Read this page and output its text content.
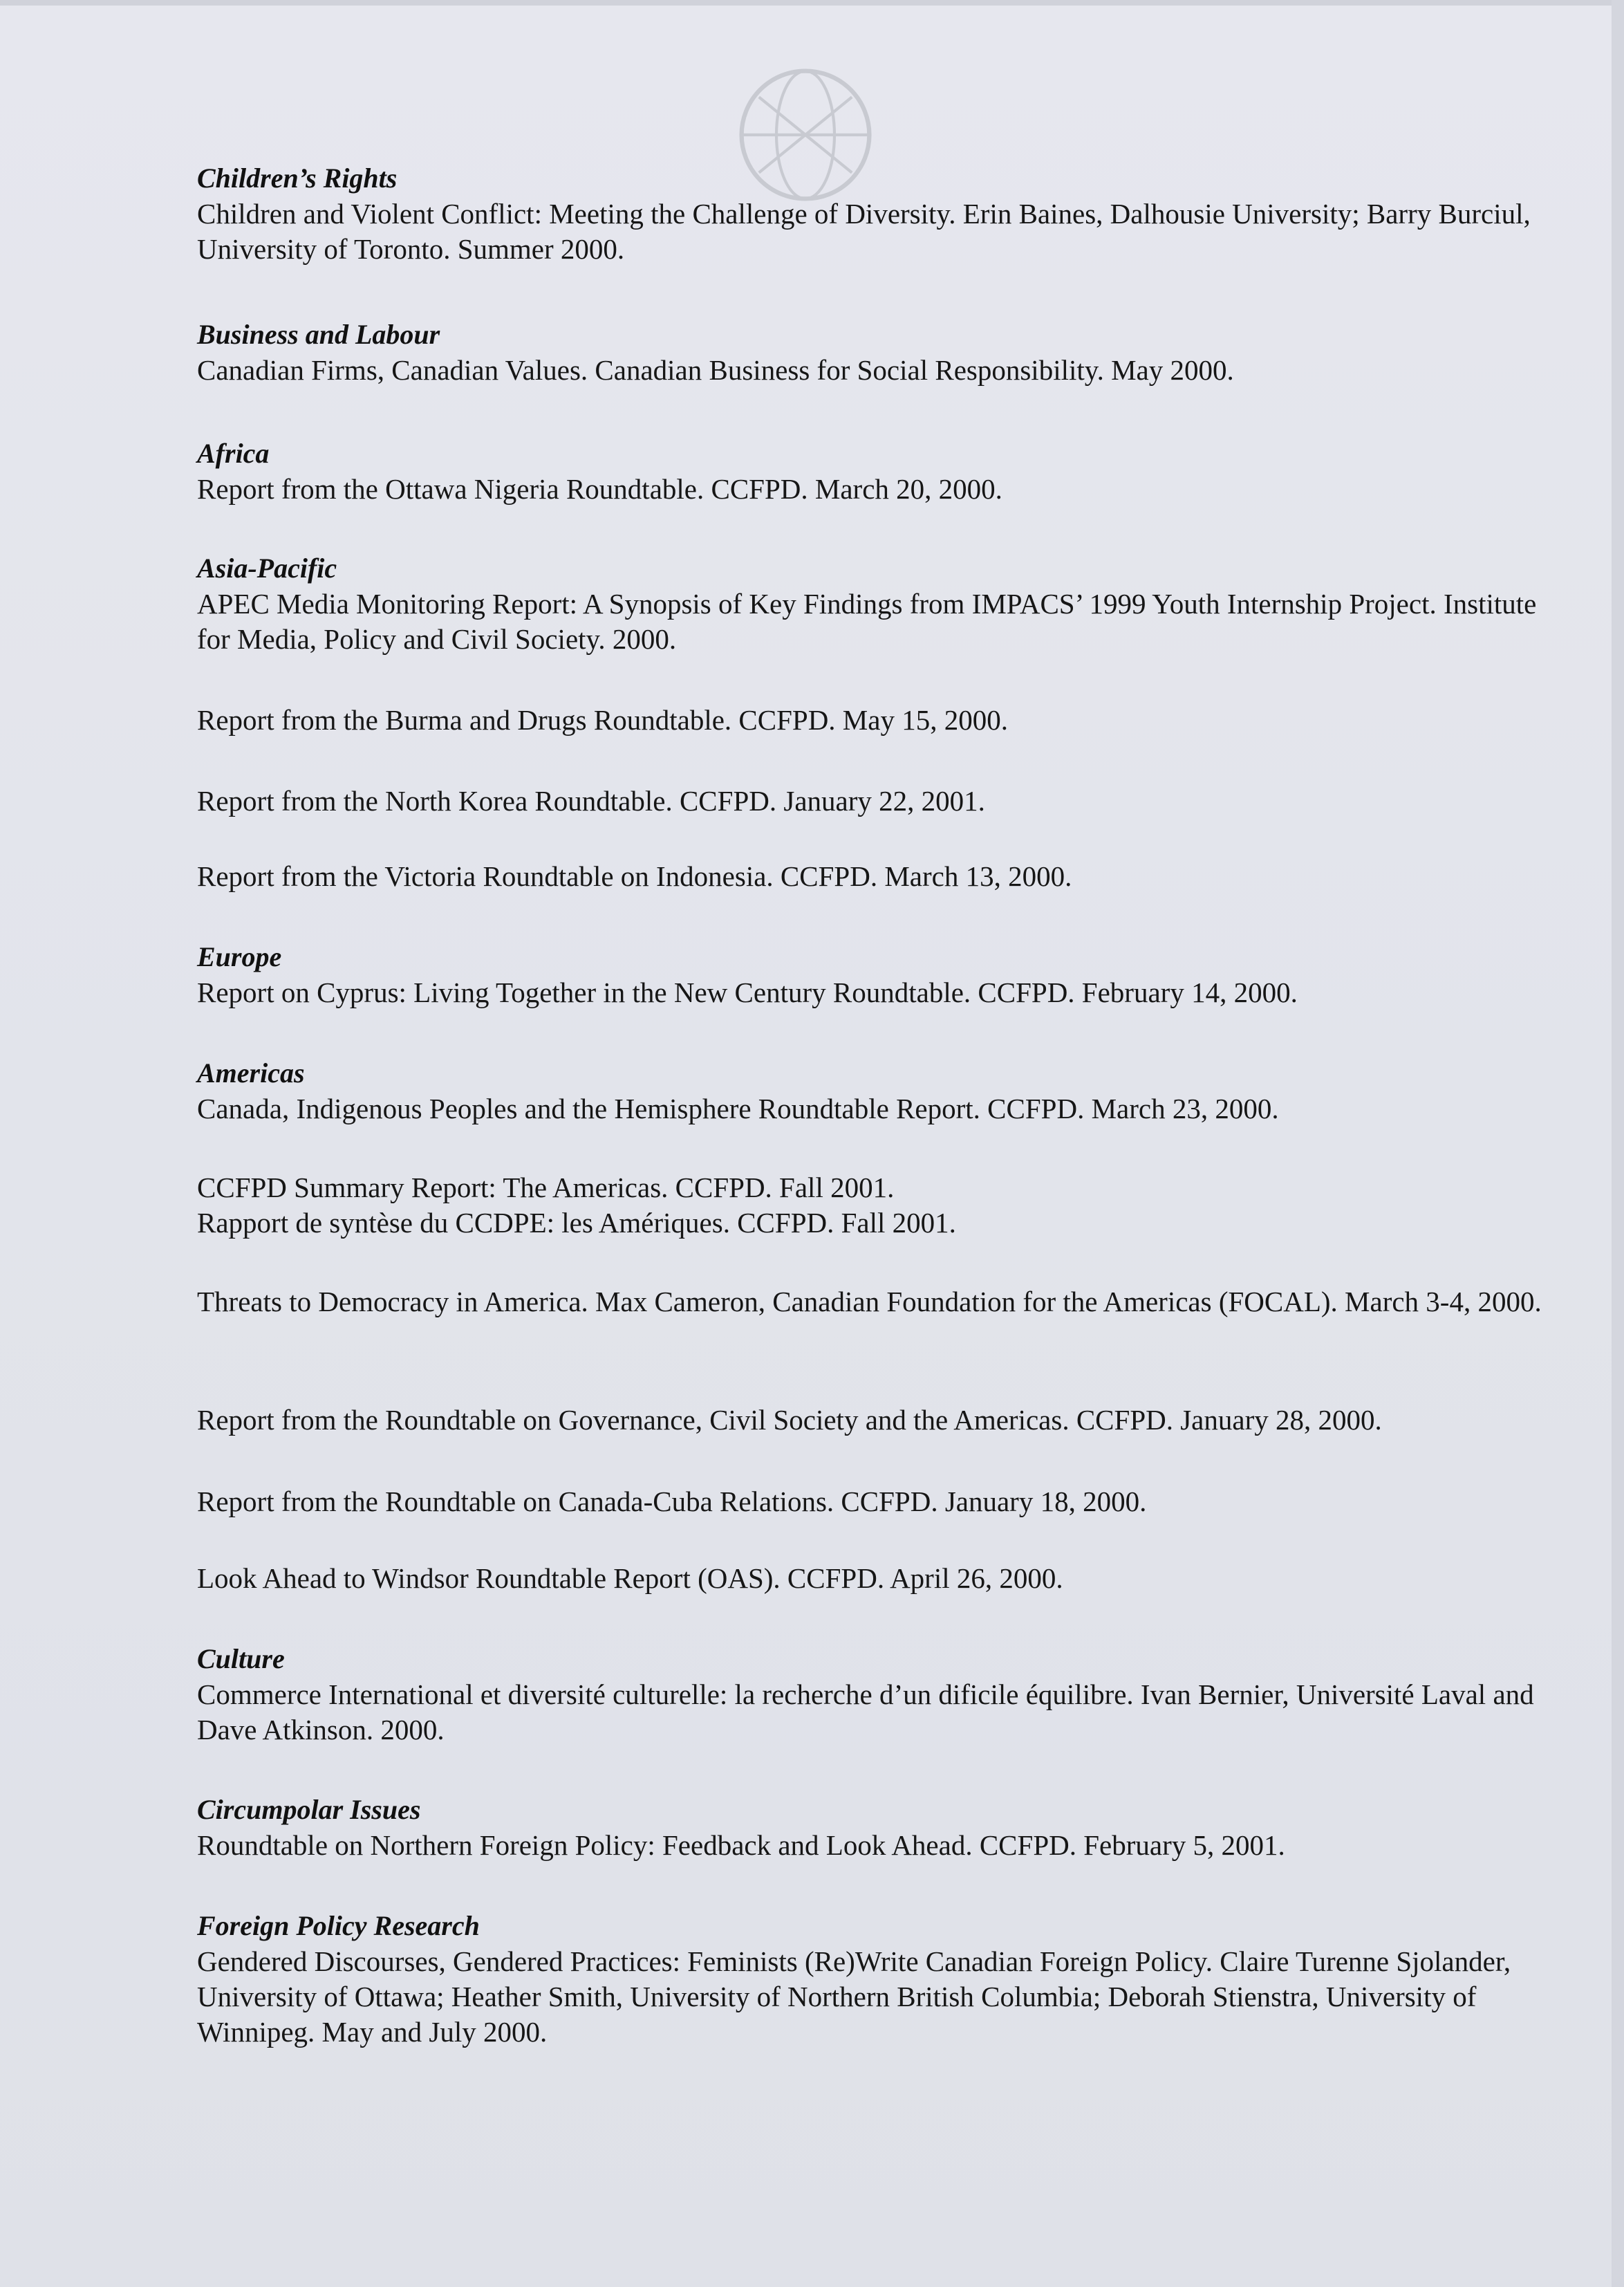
Children’s Rights
Children and Violent Conflict: Meeting the Challenge of Diversity. Erin Baines, Dalhousie University; Barry Burciul, University of Toronto. Summer 2000.
Business and Labour
Canadian Firms, Canadian Values. Canadian Business for Social Responsibility. May 2000.
Africa
Report from the Ottawa Nigeria Roundtable. CCFPD. March 20, 2000.
Asia-Pacific
APEC Media Monitoring Report: A Synopsis of Key Findings from IMPACS’ 1999 Youth Internship Project. Institute for Media, Policy and Civil Society. 2000.
Report from the Burma and Drugs Roundtable. CCFPD. May 15, 2000.
Report from the North Korea Roundtable. CCFPD. January 22, 2001.
Report from the Victoria Roundtable on Indonesia. CCFPD. March 13, 2000.
Europe
Report on Cyprus: Living Together in the New Century Roundtable. CCFPD. February 14, 2000.
Americas
Canada, Indigenous Peoples and the Hemisphere Roundtable Report. CCFPD. March 23, 2000.
CCFPD Summary Report: The Americas. CCFPD. Fall 2001.
Rapport de syntèse du CCDPE: les Amériques. CCFPD. Fall 2001.
Threats to Democracy in America. Max Cameron, Canadian Foundation for the Americas (FOCAL). March 3-4, 2000.
Report from the Roundtable on Governance, Civil Society and the Americas. CCFPD. January 28, 2000.
Report from the Roundtable on Canada-Cuba Relations. CCFPD. January 18, 2000.
Look Ahead to Windsor Roundtable Report (OAS). CCFPD. April 26, 2000.
Culture
Commerce International et diversité culturelle: la recherche d’un dificile équilibre. Ivan Bernier, Université Laval and Dave Atkinson. 2000.
Circumpolar Issues
Roundtable on Northern Foreign Policy: Feedback and Look Ahead. CCFPD. February 5, 2001.
Foreign Policy Research
Gendered Discourses, Gendered Practices: Feminists (Re)Write Canadian Foreign Policy. Claire Turenne Sjolander, University of Ottawa; Heather Smith, University of Northern British Columbia; Deborah Stienstra, University of Winnipeg. May and July 2000.
